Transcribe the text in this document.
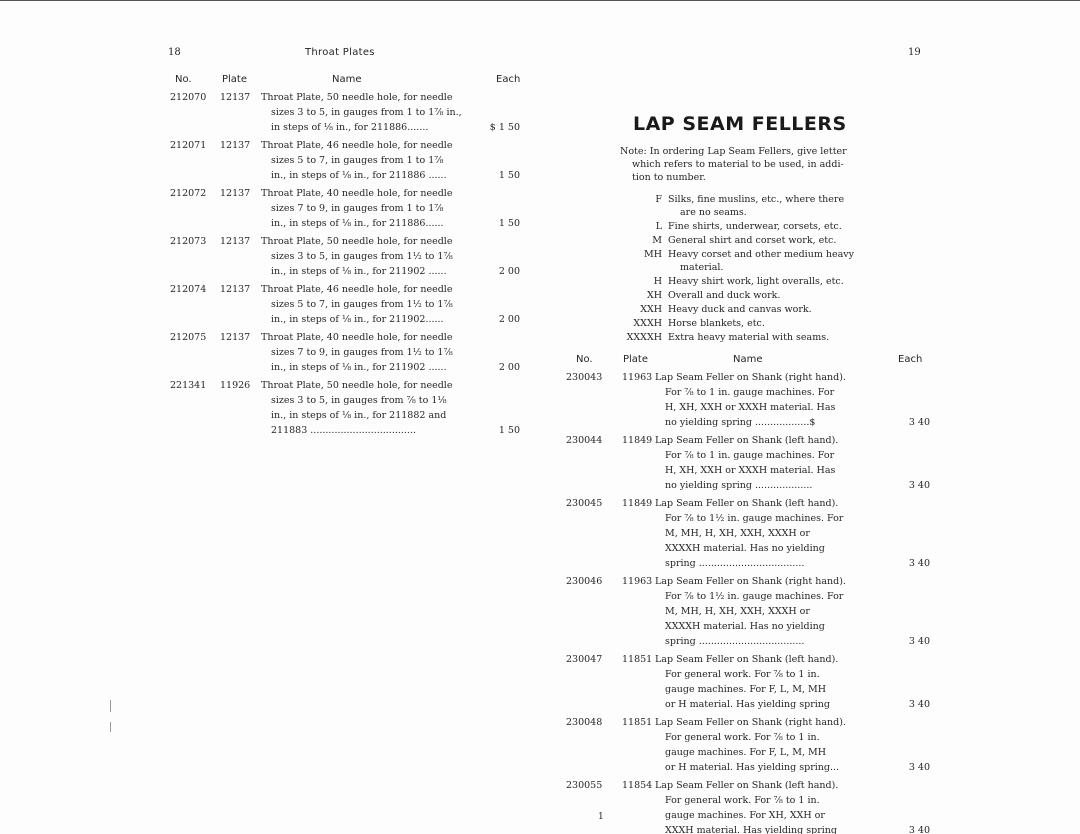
18	Throat Plates
No.	Plate	Name	Each
212070	12137	Throat Plate, 50 needle hole, for needle
sizes 3 to 5, in gauges from 1 to 1⅞ in.,
in steps of ⅛ in., for 211886.......	$ 1 50
212071	12137	Throat Plate, 46 needle hole, for needle
sizes 5 to 7, in gauges from 1 to 1⅞
in., in steps of ⅛ in., for 211886 ......	1 50
212072	12137	Throat Plate, 40 needle hole, for needle
sizes 7 to 9, in gauges from 1 to 1⅞
in., in steps of ⅛ in., for 211886......	1 50
212073	12137	Throat Plate, 50 needle hole, for needle
sizes 3 to 5, in gauges from 1½ to 1⅞
in., in steps of ⅛ in., for 211902 ......	2 00
212074	12137	Throat Plate, 46 needle hole, for needle
sizes 5 to 7, in gauges from 1½ to 1⅞
in., in steps of ⅛ in., for 211902......	2 00
212075	12137	Throat Plate, 40 needle hole, for needle
sizes 7 to 9, in gauges from 1½ to 1⅞
in., in steps of ⅛ in., for 211902 ......	2 00
221341	11926	Throat Plate, 50 needle hole, for needle
sizes 3 to 5, in gauges from ⅞ to 1⅛
in., in steps of ⅛ in., for 211882 and
211883 ...................................	1 50
19
LAP SEAM FELLERS
Note: In ordering Lap Seam Fellers, give letter
which refers to material to be used, in addi-
tion to number.
F Silks, fine muslins, etc., where there
are no seams.
L Fine shirts, underwear, corsets, etc.
M General shirt and corset work, etc.
MH Heavy corset and other medium heavy
material.
H Heavy shirt work, light overalls, etc.
XH Overall and duck work.
XXH Heavy duck and canvas work.
XXXH Horse blankets, etc.
XXXXH Extra heavy material with seams.
No.	Plate	Name	Each
230043	11963 Lap Seam Feller on Shank (right hand).
For ⅞ to 1 in. gauge machines. For
H, XH, XXH or XXXH material. Has
no yielding spring ..................$	3 40
230044	11849 Lap Seam Feller on Shank (left hand).
For ⅞ to 1 in. gauge machines. For
H, XH, XXH or XXXH material. Has
no yielding spring ...................	3 40
230045	11849 Lap Seam Feller on Shank (left hand).
For ⅞ to 1½ in. gauge machines. For
M, MH, H, XH, XXH, XXXH or
XXXXH material. Has no yielding
spring ...................................	3 40
230046	11963 Lap Seam Feller on Shank (right hand).
For ⅞ to 1½ in. gauge machines. For
M, MH, H, XH, XXH, XXXH or
XXXXH material. Has no yielding
spring ...................................	3 40
230047	11851 Lap Seam Feller on Shank (left hand).
For general work. For ⅞ to 1 in.
gauge machines. For F, L, M, MH
or H material. Has yielding spring	3 40
230048	11851 Lap Seam Feller on Shank (right hand).
For general work. For ⅞ to 1 in.
gauge machines. For F, L, M, MH
or H material. Has yielding spring...	3 40
230055	11854 Lap Seam Feller on Shank (left hand).
For general work. For ⅞ to 1 in.
gauge machines. For XH, XXH or
XXXH material. Has yielding spring	3 40
1
